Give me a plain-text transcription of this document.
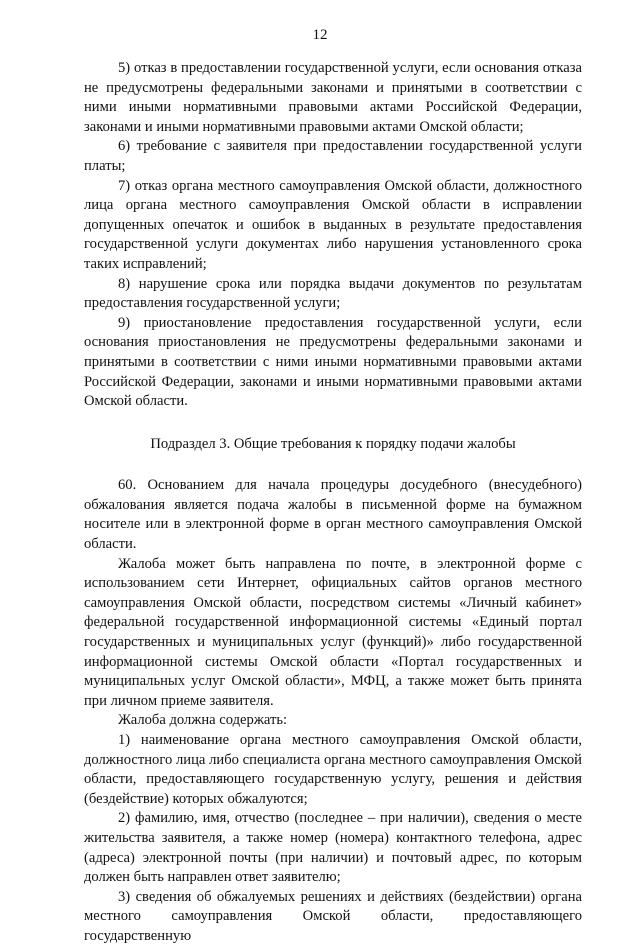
12

5) отказ в предоставлении государственной услуги, если основания отказа не предусмотрены федеральными законами и принятыми в соответствии с ними иными нормативными правовыми актами Российской Федерации, законами и иными нормативными правовыми актами Омской области;

6) требование с заявителя при предоставлении государственной услуги платы;

7) отказ органа местного самоуправления Омской области, должностного лица органа местного самоуправления Омской области в исправлении допущенных опечаток и ошибок в выданных в результате предоставления государственной услуги документах либо нарушения установленного срока таких исправлений;

8) нарушение срока или порядка выдачи документов по результатам предоставления государственной услуги;

9) приостановление предоставления государственной услуги, если основания приостановления не предусмотрены федеральными законами и принятыми в соответствии с ними иными нормативными правовыми актами Российской Федерации, законами и иными нормативными правовыми актами Омской области.

Подраздел 3. Общие требования к порядку подачи жалобы

60. Основанием для начала процедуры досудебного (внесудебного) обжалования является подача жалобы в письменной форме на бумажном носителе или в электронной форме в орган местного самоуправления Омской области.

Жалоба может быть направлена по почте, в электронной форме с использованием сети Интернет, официальных сайтов органов местного самоуправления Омской области, посредством системы «Личный кабинет» федеральной государственной информационной системы «Единый портал государственных и муниципальных услуг (функций)» либо государственной информационной системы Омской области «Портал государственных и муниципальных услуг Омской области», МФЦ, а также может быть принята при личном приеме заявителя.

Жалоба должна содержать:

1) наименование органа местного самоуправления Омской области, должностного лица либо специалиста органа местного самоуправления Омской области, предоставляющего государственную услугу, решения и действия (бездействие) которых обжалуются;

2) фамилию, имя, отчество (последнее – при наличии), сведения о месте жительства заявителя, а также номер (номера) контактного телефона, адрес (адреса) электронной почты (при наличии) и почтовый адрес, по которым должен быть направлен ответ заявителю;

3) сведения об обжалуемых решениях и действиях (бездействии) органа местного самоуправления Омской области, предоставляющего государственную
